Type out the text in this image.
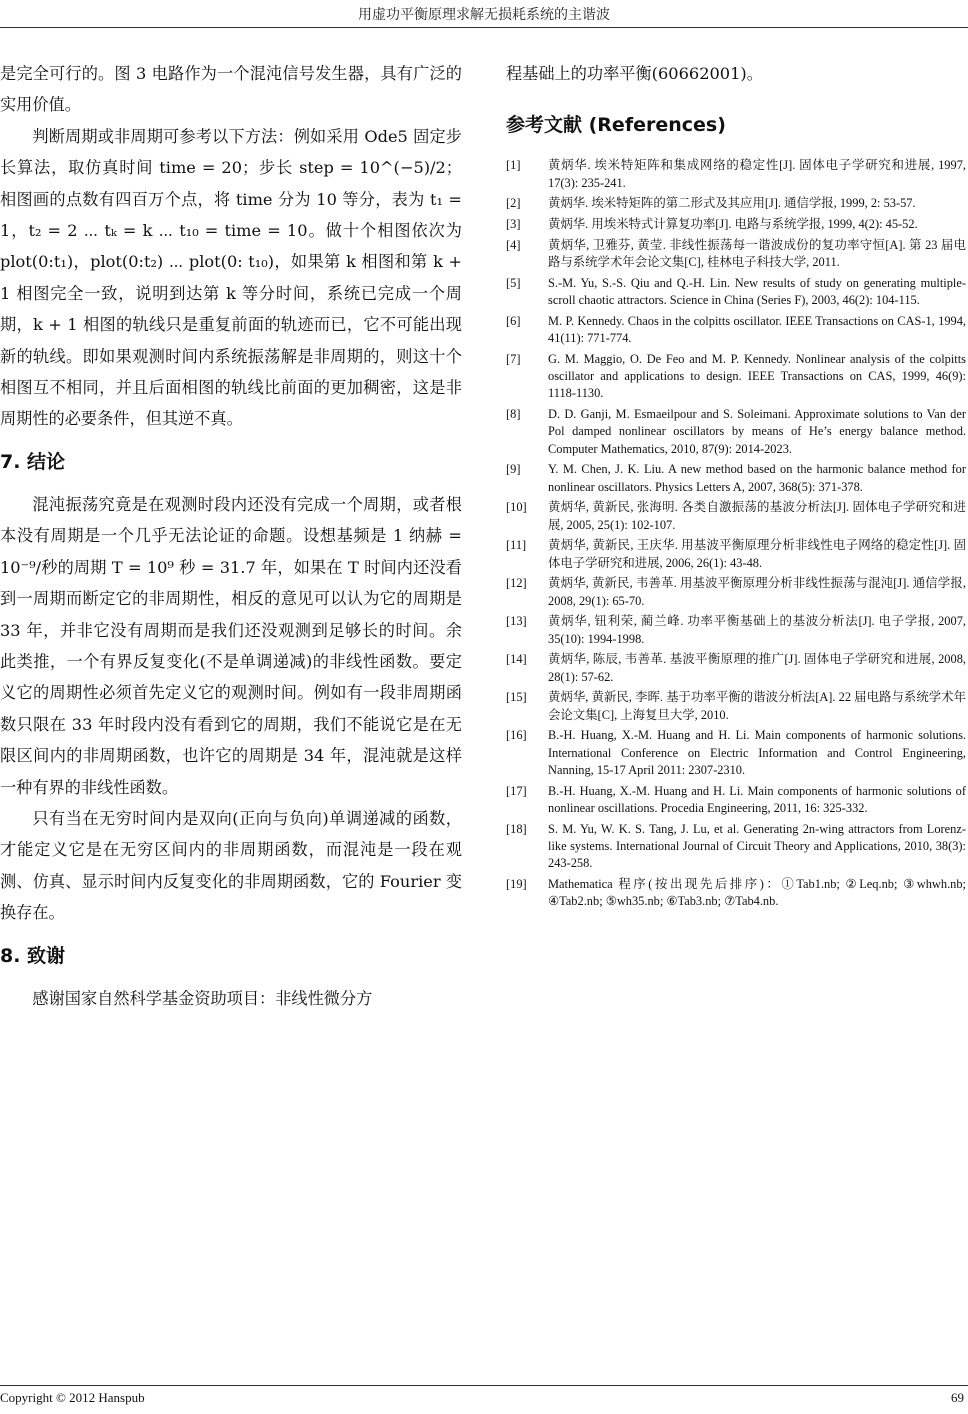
用虚功平衡原理求解无损耗系统的主谐波

是完全可行的。图 3 电路作为一个混沌信号发生器，具有广泛的实用价值。

判断周期或非周期可参考以下方法：例如采用 Ode5 固定步长算法，取仿真时间 time = 20；步长 step = 10^(−5)/2；相图画的点数有四百万个点，将 time 分为 10 等分，表为 t₁ = 1，t₂ = 2 ⋯ tₖ = k ⋯ t₁₀ = time = 10。做十个相图依次为 plot(0:t₁)，plot(0:t₂) ⋯ plot(0: t₁₀)，如果第 k 相图和第 k + 1 相图完全一致，说明到达第 k 等分时间，系统已完成一个周期，k + 1 相图的轨线只是重复前面的轨迹而已，它不可能出现新的轨线。即如果观测时间内系统振荡解是非周期的，则这十个相图互不相同，并且后面相图的轨线比前面的更加稠密，这是非周期性的必要条件，但其逆不真。

7. 结论

混沌振荡究竟是在观测时段内还没有完成一个周期，或者根本没有周期是一个几乎无法论证的命题。设想基频是 1 纳赫 = 10⁻⁹/秒的周期 T = 10⁹ 秒 = 31.7 年，如果在 T 时间内还没看到一周期而断定它的非周期性，相反的意见可以认为它的周期是 33 年，并非它没有周期而是我们还没观测到足够长的时间。余此类推，一个有界反复变化(不是单调递减)的非线性函数。要定义它的周期性必须首先定义它的观测时间。例如有一段非周期函数只限在 33 年时段内没有看到它的周期，我们不能说它是在无限区间内的非周期函数，也许它的周期是 34 年，混沌就是这样一种有界的非线性函数。

只有当在无穷时间内是双向(正向与负向)单调递减的函数，才能定义它是在无穷区间内的非周期函数，而混沌是一段在观测、仿真、显示时间内反复变化的非周期函数，它的 Fourier 变换存在。

8. 致谢

感谢国家自然科学基金资助项目：非线性微分方

程基础上的功率平衡(60662001)。

参考文献 (References)
[1] 黄炳华. 埃米特矩阵和集成网络的稳定性[J]. 固体电子学研究和进展, 1997, 17(3): 235-241.
[2] 黄炳华. 埃米特矩阵的第二形式及其应用[J]. 通信学报, 1999, 2: 53-57.
[3] 黄炳华. 用埃米特式计算复功率[J]. 电路与系统学报, 1999, 4(2): 45-52.
[4] 黄炳华, 卫雅芬, 黄莹. 非线性振荡每一谐波成份的复功率守恒[A]. 第 23 届电路与系统学术年会论文集[C], 桂林电子科技大学, 2011.
[5] S.-M. Yu, S.-S. Qiu and Q.-H. Lin. New results of study on generating multiple-scroll chaotic attractors. Science in China (Series F), 2003, 46(2): 104-115.
[6] M. P. Kennedy. Chaos in the colpitts oscillator. IEEE Transactions on CAS-1, 1994, 41(11): 771-774.
[7] G. M. Maggio, O. De Feo and M. P. Kennedy. Nonlinear analysis of the colpitts oscillator and applications to design. IEEE Transactions on CAS, 1999, 46(9): 1118-1130.
[8] D. D. Ganji, M. Esmaeilpour and S. Soleimani. Approximate solutions to Van der Pol damped nonlinear oscillators by means of He’s energy balance method. Computer Mathematics, 2010, 87(9): 2014-2023.
[9] Y. M. Chen, J. K. Liu. A new method based on the harmonic balance method for nonlinear oscillators. Physics Letters A, 2007, 368(5): 371-378.
[10] 黄炳华, 黄新民, 张海明. 各类自激振荡的基波分析法[J]. 固体电子学研究和进展, 2005, 25(1): 102-107.
[11] 黄炳华, 黄新民, 王庆华. 用基波平衡原理分析非线性电子网络的稳定性[J]. 固体电子学研究和进展, 2006, 26(1): 43-48.
[12] 黄炳华, 黄新民, 韦善革. 用基波平衡原理分析非线性振荡与混沌[J]. 通信学报, 2008, 29(1): 65-70.
[13] 黄炳华, 钮利荣, 蔺兰峰. 功率平衡基础上的基波分析法[J]. 电子学报, 2007, 35(10): 1994-1998.
[14] 黄炳华, 陈辰, 韦善革. 基波平衡原理的推广[J]. 固体电子学研究和进展, 2008, 28(1): 57-62.
[15] 黄炳华, 黄新民, 李晖. 基于功率平衡的谐波分析法[A]. 22 届电路与系统学术年会论文集[C], 上海复旦大学, 2010.
[16] B.-H. Huang, X.-M. Huang and H. Li. Main components of harmonic solutions. International Conference on Electric Information and Control Engineering, Nanning, 15-17 April 2011: 2307-2310.
[17] B.-H. Huang, X.-M. Huang and H. Li. Main components of harmonic solutions of nonlinear oscillations. Procedia Engineering, 2011, 16: 325-332.
[18] S. M. Yu, W. K. S. Tang, J. Lu, et al. Generating 2n-wing attractors from Lorenz-like systems. International Journal of Circuit Theory and Applications, 2010, 38(3): 243-258.
[19] Mathematica 程序(按出现先后排序)：①Tab1.nb; ②Leq.nb; ③whwh.nb; ④Tab2.nb; ⑤wh35.nb; ⑥Tab3.nb; ⑦Tab4.nb.
Copyright © 2012 Hanspub	69
